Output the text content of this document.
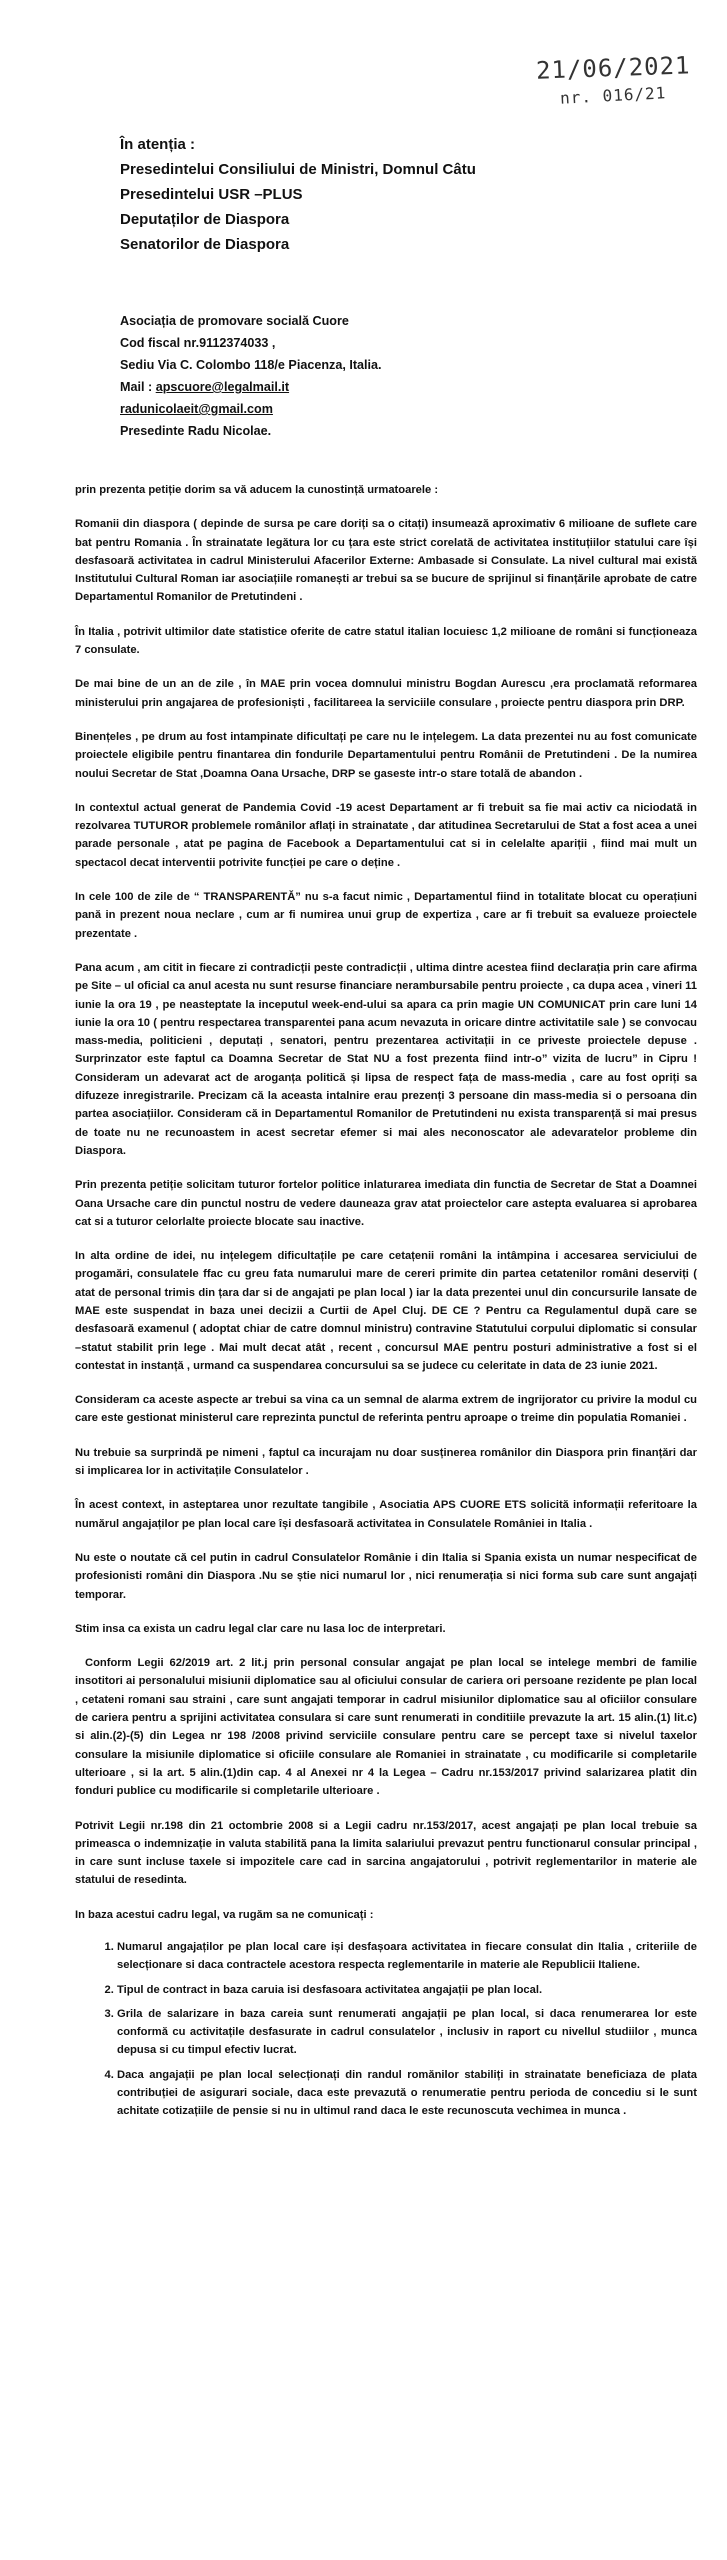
21/06/2021
nr. 016/21
În atenția :
Presedintelui Consiliului de Ministri, Domnul Câtu
Presedintelui USR –PLUS
Deputaților de Diaspora
Senatorilor de Diaspora
Asociația de promovare socială Cuore
Cod fiscal nr.9112374033 ,
Sediu Via C. Colombo 118/e Piacenza, Italia.
Mail : apscuore@legalmail.it
radunicolaeit@gmail.com
Presedinte Radu Nicolae.

prin prezenta petiție dorim sa vă aducem la cunostință urmatoarele :

Romanii din diaspora ( depinde de sursa pe care doriți sa o citați) insumează aproximativ 6 milioane de suflete care bat pentru Romania . În strainatate legătura lor cu țara este strict corelată de activitatea instituțiilor statului care își desfasoară activitatea in cadrul Ministerului Afacerilor Externe: Ambasade si Consulate. La nivel cultural mai există Institutului Cultural Roman iar asociațiile romanești ar trebui sa se bucure de sprijinul si finanțările aprobate de catre Departamentul Romanilor de Pretutindeni .

În Italia , potrivit ultimilor date statistice oferite de catre statul italian locuiesc 1,2 milioane de români si funcționeaza 7 consulate.

De mai bine de un an de zile , în MAE prin vocea domnului ministru Bogdan Aurescu ,era proclamată reformarea ministerului prin angajarea de profesioniști , facilitareea la serviciile consulare , proiecte pentru diaspora prin DRP.

Binențeles , pe drum au fost intampinate dificultați pe care nu le ințelegem. La data prezentei nu au fost comunicate proiectele eligibile pentru finantarea din fondurile Departamentului pentru Românii de Pretutindeni . De la numirea noului Secretar de Stat ,Doamna Oana Ursache, DRP se gaseste intr-o stare totală de abandon .

In contextul actual generat de Pandemia Covid -19 acest Departament ar fi trebuit sa fie mai activ ca niciodată in rezolvarea TUTUROR problemele românilor aflați in strainatate , dar atitudinea Secretarului de Stat a fost acea a unei parade personale , atat pe pagina de Facebook a Departamentului cat si in celelalte apariții , fiind mai mult un spectacol decat interventii potrivite funcției pe care o deține .

In cele 100 de zile de “ TRANSPARENTĂ” nu s-a facut nimic , Departamentul fiind in totalitate blocat cu operațiuni pană in prezent noua neclare , cum ar fi numirea unui grup de expertiza , care ar fi trebuit sa evalueze proiectele prezentate .

Pana acum , am citit in fiecare zi contradicții peste contradicții , ultima dintre acestea fiind declarația prin care afirma pe Site – ul oficial ca anul acesta nu sunt resurse financiare nerambursabile pentru proiecte , ca dupa acea , vineri 11 iunie la ora 19 , pe neasteptate la inceputul week-end-ului sa apara ca prin magie UN COMUNICAT prin care luni 14 iunie la ora 10 ( pentru respectarea transparentei pana acum nevazuta in oricare dintre activitatile sale ) se convocau mass-media, politicieni , deputați , senatori, pentru prezentarea activitații in ce priveste proiectele depuse . Surprinzator este faptul ca Doamna Secretar de Stat NU a fost prezenta fiind intr-o” vizita de lucru” in Cipru ! Consideram un adevarat act de aroganța politică și lipsa de respect fața de mass-media , care au fost opriți sa difuzeze inregistrarile. Precizam că la aceasta intalnire erau prezenți 3 persoane din mass-media si o persoana din partea asociațiilor. Consideram că in Departamentul Romanilor de Pretutindeni nu exista transparență si mai presus de toate nu ne recunoastem in acest secretar efemer si mai ales neconoscator ale adevaratelor probleme din Diaspora.

Prin prezenta petiție solicitam tuturor fortelor politice inlaturarea imediata din functia de Secretar de Stat a Doamnei Oana Ursache care din punctul nostru de vedere dauneaza grav atat proiectelor care astepta evaluarea si aprobarea cat si a tuturor celorlalte proiecte blocate sau inactive.

In alta ordine de idei, nu ințelegem dificultațile pe care cetațenii români la intâmpina i accesarea serviciului de progamări, consulatele ffac cu greu fata numarului mare de cereri primite din partea cetatenilor români deserviți ( atat de personal trimis din țara dar si de angajati pe plan local ) iar la data prezentei unul din concursurile lansate de MAE este suspendat in baza unei decizii a Curtii de Apel Cluj. DE CE ? Pentru ca Regulamentul după care se desfasoară examenul ( adoptat chiar de catre domnul ministru) contravine Statutului corpului diplomatic si consular –statut stabilit prin lege . Mai mult decat atât , recent , concursul MAE pentru posturi administrative a fost si el contestat in instanță , urmand ca suspendarea concursului sa se judece cu celeritate in data de 23 iunie 2021.

Consideram ca aceste aspecte ar trebui sa vina ca un semnal de alarma extrem de ingrijorator cu privire la modul cu care este gestionat ministerul care reprezinta punctul de referinta pentru aproape o treime din populatia Romaniei .

Nu trebuie sa surprindă pe nimeni , faptul ca incurajam nu doar susținerea românilor din Diaspora prin finanțări dar si implicarea lor in activitațile Consulatelor .

În acest context, in asteptarea unor rezultate tangibile , Asociatia APS CUORE ETS solicită informații referitoare la numărul angajaților pe plan local care își desfasoară activitatea in Consulatele României in Italia .

Nu este o noutate că cel putin in cadrul Consulatelor Românie i din Italia si Spania exista un numar nespecificat de profesionisti români din Diaspora .Nu se știe nici numarul lor , nici renumerația si nici forma sub care sunt angajați temporar.

Stim insa ca exista un cadru legal clar care nu lasa loc de interpretari.

Conform Legii 62/2019 art. 2 lit.j prin personal consular angajat pe plan local se intelege membri de familie insotitori ai personalului misiunii diplomatice sau al oficiului consular de cariera ori persoane rezidente pe plan local , cetateni romani sau straini , care sunt angajati temporar in cadrul misiunilor diplomatice sau al oficiilor consulare de cariera pentru a sprijini activitatea consulara si care sunt renumerati in conditiile prevazute la art. 15 alin.(1) lit.c) si alin.(2)-(5) din Legea nr 198 /2008 privind serviciile consulare pentru care se percept taxe si nivelul taxelor consulare la misiunile diplomatice si oficiile consulare ale Romaniei in strainatate , cu modificarile si completarile ulterioare , si la art. 5 alin.(1)din cap. 4 al Anexei nr 4 la Legea – Cadru nr.153/2017 privind salarizarea platit din fonduri publice cu modificarile si completarile ulterioare .

Potrivit Legii nr.198 din 21 octombrie 2008 si a Legii cadru nr.153/2017, acest angajați pe plan local trebuie sa primeasca o indemnizație in valuta stabilită pana la limita salariului prevazut pentru functionarul consular principal , in care sunt incluse taxele si impozitele care cad in sarcina angajatorului , potrivit reglementarilor in materie ale statului de resedinta.

In baza acestui cadru legal, va rugăm sa ne comunicați :

1. Numarul angajaților pe plan local care iși desfașoara activitatea in fiecare consulat din Italia , criteriile de selecționare si daca contractele acestora respecta reglementarile in materie ale Republicii Italiene.
2. Tipul de contract in baza caruia isi desfasoara activitatea angajații pe plan local.
3. Grila de salarizare in baza careia sunt renumerati angajații pe plan local, si daca renumerarea lor este conformă cu activitațile desfasurate in cadrul consulatelor , inclusiv in raport cu nivellul studiilor , munca depusa si cu timpul efectiv lucrat.
4. Daca angajații pe plan local selecționați din randul romănilor stabiliți in strainatate beneficiaza de plata contribuției de asigurari sociale, daca este prevazută o renumeratie pentru perioda de concediu si le sunt achitate cotizațiile de pensie si nu in ultimul rand daca le este recunoscuta vechimea in munca .
